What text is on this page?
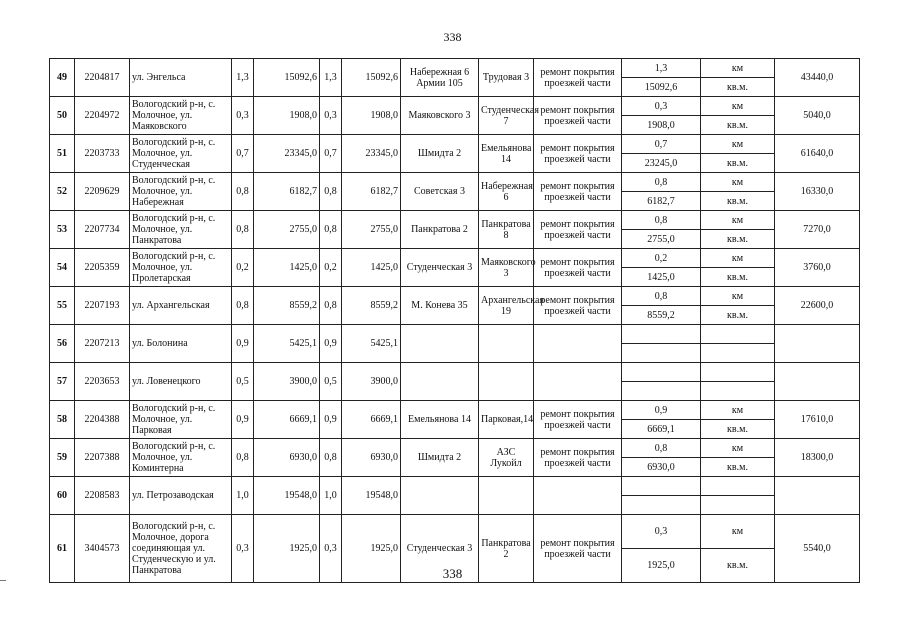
338
49	2204817	ул. Энгельса	1,3	15092,6	1,3	15092,6	Набережная 6 Армии 105	Трудовая 3	ремонт покрытия проезжей части	1,3	км	43440,0
										15092,6	кв.м.	
50	2204972	Вологодский р-н, с. Молочное, ул. Маяковского	0,3	1908,0	0,3	1908,0	Маяковского 3	Студенческая 7	ремонт покрытия проезжей части	0,3	км	5040,0
										1908,0	кв.м.	
51	2203733	Вологодский р-н, с. Молочное, ул. Студенческая	0,7	23345,0	0,7	23345,0	Шмидта 2	Емельянова 14	ремонт покрытия проезжей части	0,7	км	61640,0
										23245,0	кв.м.	
52	2209629	Вологодский р-н, с. Молочное, ул. Набережная	0,8	6182,7	0,8	6182,7	Советская 3	Набережная 6	ремонт покрытия проезжей части	0,8	км	16330,0
										6182,7	кв.м.	
53	2207734	Вологодский р-н, с. Молочное, ул. Панкратова	0,8	2755,0	0,8	2755,0	Панкратова 2	Панкратова 8	ремонт покрытия проезжей части	0,8	км	7270,0
										2755,0	кв.м.	
54	2205359	Вологодский р-н, с. Молочное, ул. Пролетарская	0,2	1425,0	0,2	1425,0	Студенческая 3	Маяковского 3	ремонт покрытия проезжей части	0,2	км	3760,0
										1425,0	кв.м.	
55	2207193	ул. Архангельская	0,8	8559,2	0,8	8559,2	М. Конева 35	Архангельская 19	ремонт покрытия проезжей части	0,8	км	22600,0
										8559,2	кв.м.	
56	2207213	ул. Болонина	0,9	5425,1	0,9	5425,1						

57	2203653	ул. Ловенецкого	0,5	3900,0	0,5	3900,0						

58	2204388	Вологодский р-н, с. Молочное, ул. Парковая	0,9	6669,1	0,9	6669,1	Емельянова 14	Парковая,14	ремонт покрытия проезжей части	0,9	км	17610,0
										6669,1	кв.м.	
59	2207388	Вологодский р-н, с. Молочное, ул. Коминтерна	0,8	6930,0	0,8	6930,0	Шмидта 2	АЗС Лукойл	ремонт покрытия проезжей части	0,8	км	18300,0
										6930,0	кв.м.	
60	2208583	ул. Петрозаводская	1,0	19548,0	1,0	19548,0						

61	3404573	Вологодский р-н, с. Молочное, дорога соединяющая ул. Студенческую и ул. Панкратова	0,3	1925,0	0,3	1925,0	Студенческая 3	Панкратова 2	ремонт покрытия проезжей части	0,3	км	5540,0
										1925,0	кв.м.	
338
